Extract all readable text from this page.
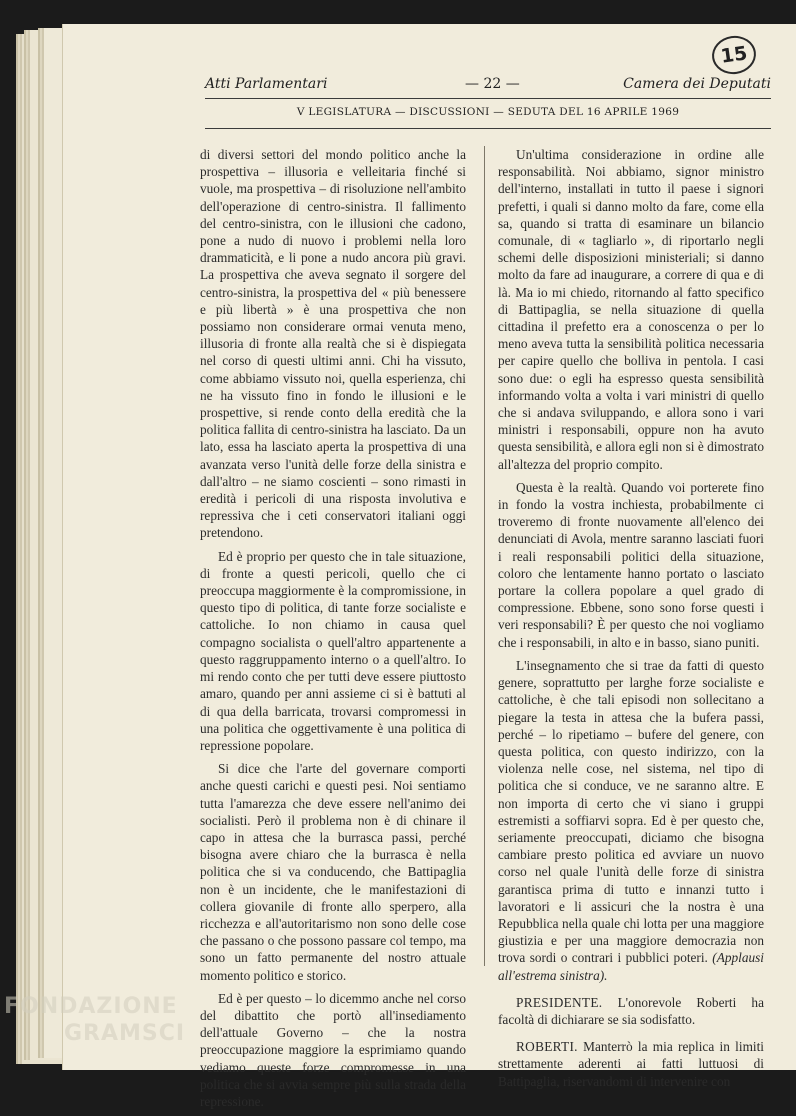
15
Atti Parlamentari	— 22 —	Camera dei Deputati
V LEGISLATURA — DISCUSSIONI — SEDUTA DEL 16 APRILE 1969

di diversi settori del mondo politico anche la prospettiva – illusoria e velleitaria finché si vuole, ma prospettiva – di risoluzione nell'ambito dell'operazione di centro-sinistra. Il fallimento del centro-sinistra, con le illusioni che cadono, pone a nudo di nuovo i problemi nella loro drammaticità, e li pone a nudo ancora più gravi. La prospettiva che aveva segnato il sorgere del centro-sinistra, la prospettiva del « più benessere e più libertà » è una prospettiva che non possiamo non considerare ormai venuta meno, illusoria di fronte alla realtà che si è dispiegata nel corso di questi ultimi anni. Chi ha vissuto, come abbiamo vissuto noi, quella esperienza, chi ne ha vissuto fino in fondo le illusioni e le prospettive, si rende conto della eredità che la politica fallita di centro-sinistra ha lasciato. Da un lato, essa ha lasciato aperta la prospettiva di una avanzata verso l'unità delle forze della sinistra e dall'altro – ne siamo coscienti – sono rimasti in eredità i pericoli di una risposta involutiva e repressiva che i ceti conservatori italiani oggi pretendono.

Ed è proprio per questo che in tale situazione, di fronte a questi pericoli, quello che ci preoccupa maggiormente è la compromissione, in questo tipo di politica, di tante forze socialiste e cattoliche. Io non chiamo in causa quel compagno socialista o quell'altro appartenente a questo raggruppamento interno o a quell'altro. Io mi rendo conto che per tutti deve essere piuttosto amaro, quando per anni assieme ci si è battuti al di qua della barricata, trovarsi compromessi in una politica che oggettivamente è una politica di repressione popolare.

Si dice che l'arte del governare comporti anche questi carichi e questi pesi. Noi sentiamo tutta l'amarezza che deve essere nell'animo dei socialisti. Però il problema non è di chinare il capo in attesa che la burrasca passi, perché bisogna avere chiaro che la burrasca è nella politica che si va conducendo, che Battipaglia non è un incidente, che le manifestazioni di collera giovanile di fronte allo sperpero, alla ricchezza e all'autoritarismo non sono delle cose che passano o che possono passare col tempo, ma sono un fatto permanente del nostro attuale momento politico e storico.

Ed è per questo – lo dicemmo anche nel corso del dibattito che portò all'insediamento dell'attuale Governo – che la nostra preoccupazione maggiore la esprimiamo quando vediamo queste forze compromesse in una politica che si avvia sempre più sulla strada della repressione.

Un'ultima considerazione in ordine alle responsabilità. Noi abbiamo, signor ministro dell'interno, installati in tutto il paese i signori prefetti, i quali si danno molto da fare, come ella sa, quando si tratta di esaminare un bilancio comunale, di « tagliarlo », di riportarlo negli schemi delle disposizioni ministeriali; si danno molto da fare ad inaugurare, a correre di qua e di là. Ma io mi chiedo, ritornando al fatto specifico di Battipaglia, se nella situazione di quella cittadina il prefetto era a conoscenza o per lo meno aveva tutta la sensibilità politica necessaria per capire quello che bolliva in pentola. I casi sono due: o egli ha espresso questa sensibilità informando volta a volta i vari ministri di quello che si andava sviluppando, e allora sono i vari ministri i responsabili, oppure non ha avuto questa sensibilità, e allora egli non si è dimostrato all'altezza del proprio compito.

Questa è la realtà. Quando voi porterete fino in fondo la vostra inchiesta, probabilmente ci troveremo di fronte nuovamente all'elenco dei denunciati di Avola, mentre saranno lasciati fuori i reali responsabili politici della situazione, coloro che lentamente hanno portato o lasciato portare la collera popolare a quel grado di compressione. Ebbene, sono sono forse questi i veri responsabili? È per questo che noi vogliamo che i responsabili, in alto e in basso, siano puniti.

L'insegnamento che si trae da fatti di questo genere, soprattutto per larghe forze socialiste e cattoliche, è che tali episodi non sollecitano a piegare la testa in attesa che la bufera passi, perché – lo ripetiamo – bufere del genere, con questa politica, con questo indirizzo, con la violenza nelle cose, nel sistema, nel tipo di politica che si conduce, ve ne saranno altre. E non importa di certo che vi siano i gruppi estremisti a soffiarvi sopra. Ed è per questo che, seriamente preoccupati, diciamo che bisogna cambiare presto politica ed avviare un nuovo corso nel quale l'unità delle forze di sinistra garantisca prima di tutto e innanzi tutto i lavoratori e li assicuri che la nostra è una Repubblica nella quale chi lotta per una maggiore giustizia e per una maggiore democrazia non trova sordi o contrari i pubblici poteri. (Applausi all'estrema sinistra).

PRESIDENTE. L'onorevole Roberti ha facoltà di dichiarare se sia sodisfatto.

ROBERTI. Manterrò la mia replica in limiti strettamente aderenti ai fatti luttuosi di Battipaglia, riservandomi di intervenire con

FONDAZIONE
GRAMSCI
